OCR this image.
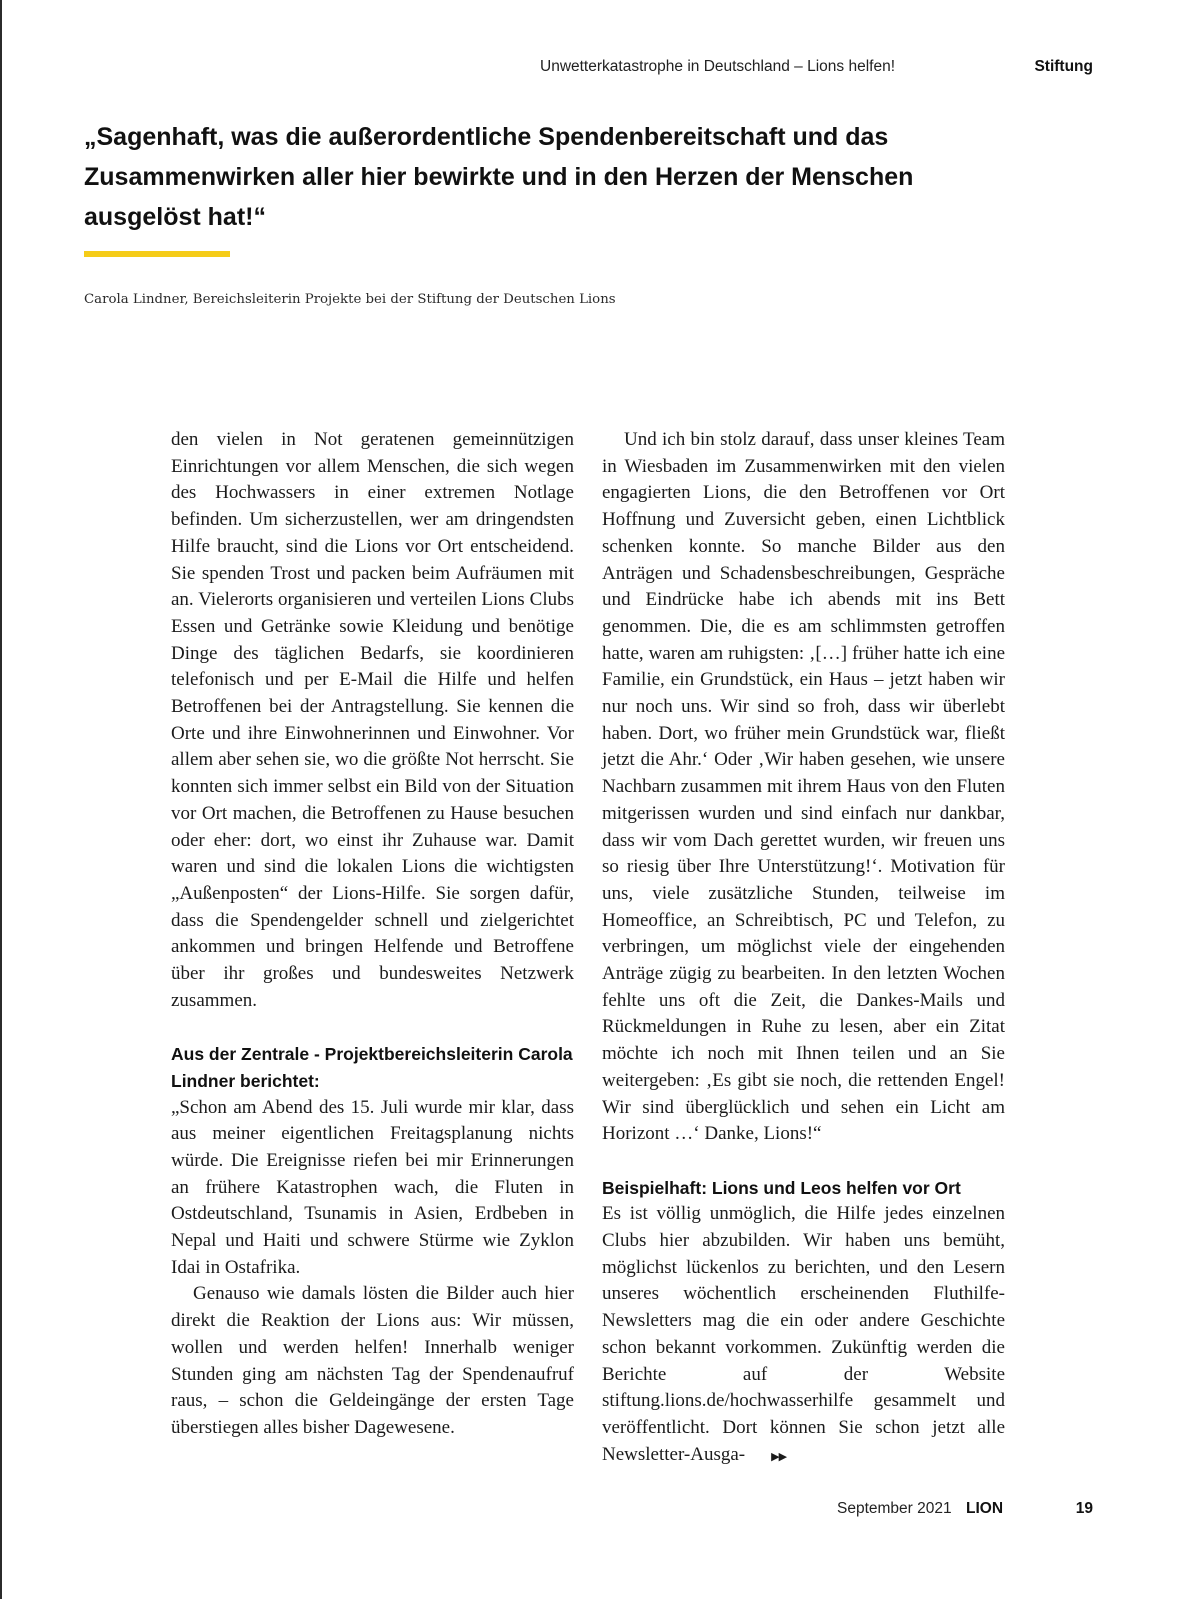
Unwetterkatastrophe in Deutschland – Lions helfen!	Stiftung

„Sagenhaft, was die außerordentliche Spendenbereitschaft und das Zusammenwirken aller hier bewirkte und in den Herzen der Menschen ausgelöst hat!“

Carola Lindner, Bereichsleiterin Projekte bei der Stiftung der Deutschen Lions

den vielen in Not geratenen gemeinnützigen Einrichtungen vor allem Menschen, die sich wegen des Hochwassers in einer extremen Notlage befinden. Um sicherzustellen, wer am dringendsten Hilfe braucht, sind die Lions vor Ort entscheidend. Sie spenden Trost und packen beim Aufräumen mit an. Vielerorts organisieren und verteilen Lions Clubs Essen und Getränke sowie Kleidung und benötige Dinge des täglichen Bedarfs, sie koordinieren telefonisch und per E-Mail die Hilfe und helfen Betroffenen bei der Antragstellung. Sie kennen die Orte und ihre Einwohnerinnen und Einwohner. Vor allem aber sehen sie, wo die größte Not herrscht. Sie konnten sich immer selbst ein Bild von der Situation vor Ort machen, die Betroffenen zu Hause besuchen oder eher: dort, wo einst ihr Zuhause war. Damit waren und sind die lokalen Lions die wichtigsten „Außenposten“ der Lions-Hilfe. Sie sorgen dafür, dass die Spendengelder schnell und zielgerichtet ankommen und bringen Helfende und Betroffene über ihr großes und bundesweites Netzwerk zusammen.

Aus der Zentrale - Projektbereichsleiterin Carola Lindner berichtet:

„Schon am Abend des 15. Juli wurde mir klar, dass aus meiner eigentlichen Freitagsplanung nichts würde. Die Ereignisse riefen bei mir Erinnerungen an frühere Katastrophen wach, die Fluten in Ostdeutschland, Tsunamis in Asien, Erdbeben in Nepal und Haiti und schwere Stürme wie Zyklon Idai in Ostafrika.

Genauso wie damals lösten die Bilder auch hier direkt die Reaktion der Lions aus: Wir müssen, wollen und werden helfen! Innerhalb weniger Stunden ging am nächsten Tag der Spendenaufruf raus, – schon die Geldeingänge der ersten Tage überstiegen alles bisher Dagewesene.

Und ich bin stolz darauf, dass unser kleines Team in Wiesbaden im Zusammenwirken mit den vielen engagierten Lions, die den Betroffenen vor Ort Hoffnung und Zuversicht geben, einen Lichtblick schenken konnte. So manche Bilder aus den Anträgen und Schadensbeschreibungen, Gespräche und Eindrücke habe ich abends mit ins Bett genommen. Die, die es am schlimmsten getroffen hatte, waren am ruhigsten: ‚[…] früher hatte ich eine Familie, ein Grundstück, ein Haus – jetzt haben wir nur noch uns. Wir sind so froh, dass wir überlebt haben. Dort, wo früher mein Grundstück war, fließt jetzt die Ahr.‘ Oder ‚Wir haben gesehen, wie unsere Nachbarn zusammen mit ihrem Haus von den Fluten mitgerissen wurden und sind einfach nur dankbar, dass wir vom Dach gerettet wurden, wir freuen uns so riesig über Ihre Unterstützung!‘. Motivation für uns, viele zusätzliche Stunden, teilweise im Homeoffice, an Schreibtisch, PC und Telefon, zu verbringen, um möglichst viele der eingehenden Anträge zügig zu bearbeiten. In den letzten Wochen fehlte uns oft die Zeit, die Dankes-Mails und Rückmeldungen in Ruhe zu lesen, aber ein Zitat möchte ich noch mit Ihnen teilen und an Sie weitergeben: ‚Es gibt sie noch, die rettenden Engel! Wir sind überglücklich und sehen ein Licht am Horizont …‘ Danke, Lions!“

Beispielhaft: Lions und Leos helfen vor Ort

Es ist völlig unmöglich, die Hilfe jedes einzelnen Clubs hier abzubilden. Wir haben uns bemüht, möglichst lückenlos zu berichten, und den Lesern unseres wöchentlich erscheinenden Fluthilfe-Newsletters mag die ein oder andere Geschichte schon bekannt vorkommen. Zukünftig werden die Berichte auf der Website stiftung.lions.de/hochwasserhilfe gesammelt und veröffentlicht. Dort können Sie schon jetzt alle Newsletter-Ausga- ▶▶

September 2021 LION	19
